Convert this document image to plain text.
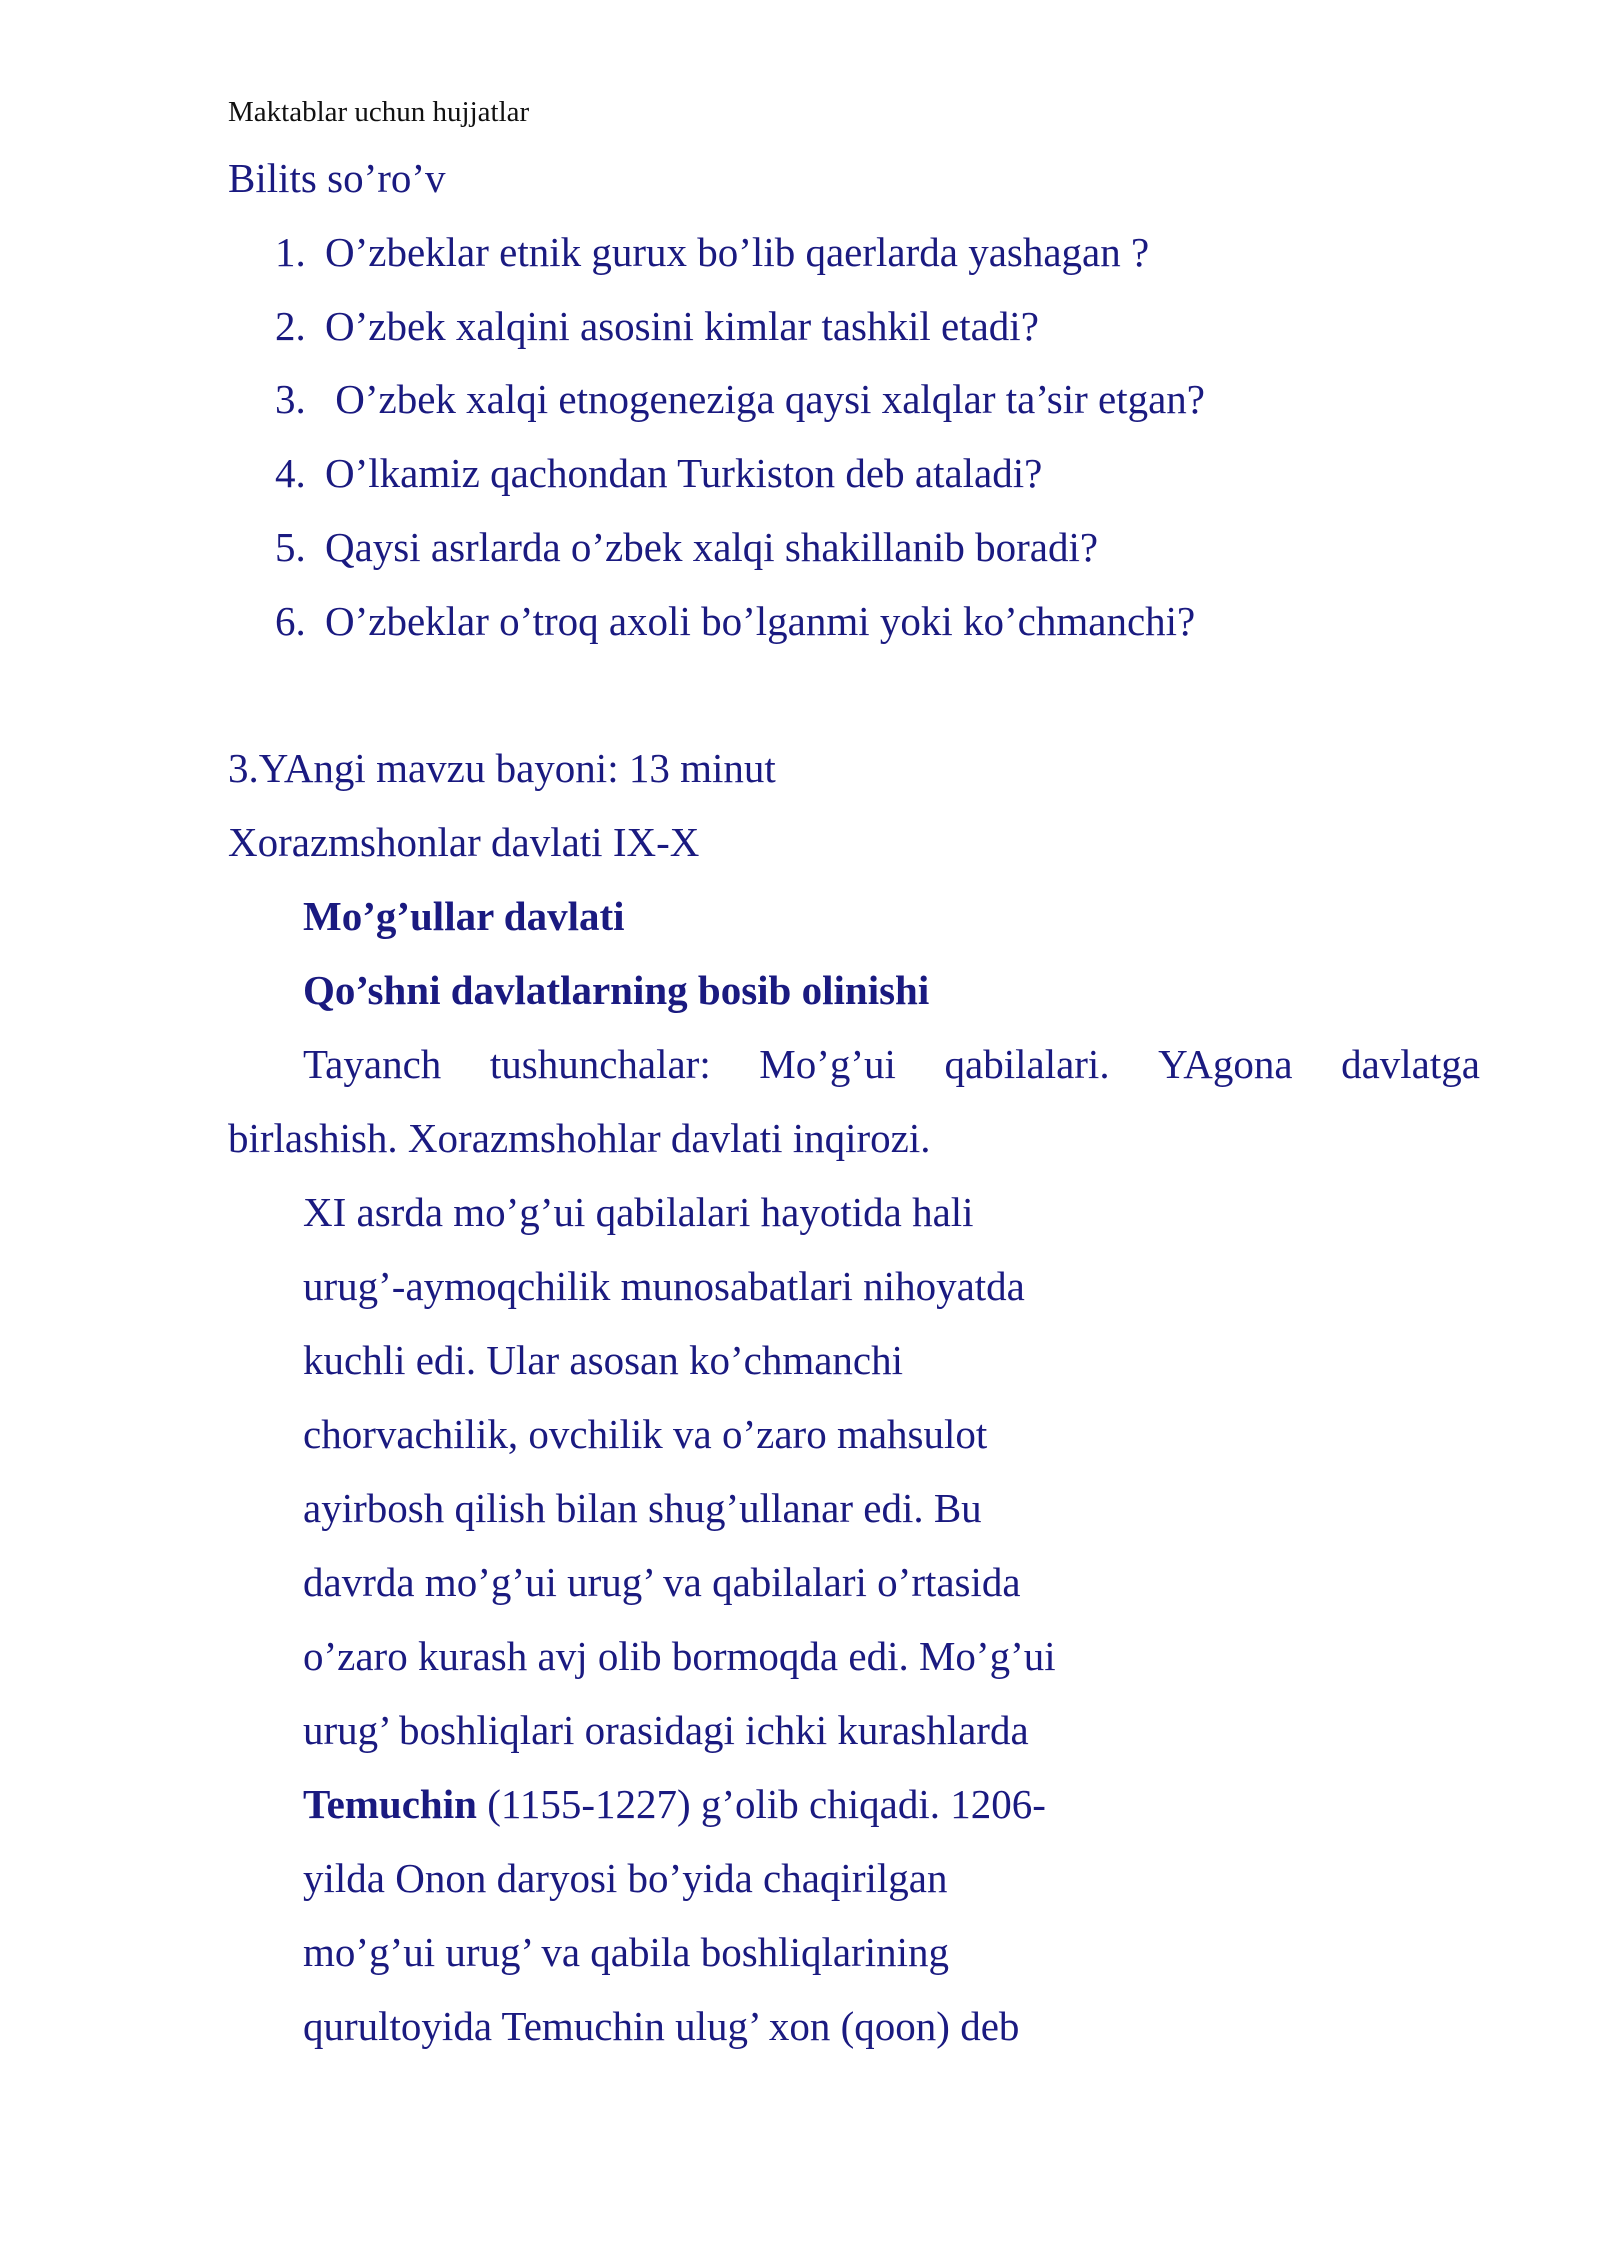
Maktablar uchun hujjatlar
Bilits so’ro’v
1. O’zbeklar etnik gurux bo’lib qaerlarda yashagan ?
2. O’zbek xalqini asosini kimlar tashkil etadi?
3. O’zbek xalqi etnogeneziga qaysi xalqlar ta’sir etgan?
4. O’lkamiz qachondan Turkiston deb ataladi?
5. Qaysi asrlarda o’zbek xalqi shakillanib boradi?
6. O’zbeklar o’troq axoli bo’lganmi yoki ko’chmanchi?
3.YAngi mavzu bayoni: 13 minut
Xorazmshonlar davlati IX-X
Mo’g’ullar davlati
Qo’shni davlatlarning bosib olinishi
Tayanch tushunchalar: Mo’g’ui qabilalari. YAgona davlatga
birlashish. Xorazmshohlar davlati inqirozi.
XI asrda mo’g’ui qabilalari hayotida hali
urug’-aymoqchilik munosabatlari nihoyatda
kuchli edi. Ular asosan ko’chmanchi
chorvachilik, ovchilik va o’zaro mahsulot
ayirbosh qilish bilan shug’ullanar edi. Bu
davrda mo’g’ui urug’ va qabilalari o’rtasida
o’zaro kurash avj olib bormoqda edi. Mo’g’ui
urug’ boshliqlari orasidagi ichki kurashlarda
Temuchin (1155-1227) g’olib chiqadi. 1206-
yilda Onon daryosi bo’yida chaqirilgan
mo’g’ui urug’ va qabila boshliqlarining
qurultoyida Temuchin ulug’ xon (qoon) deb
